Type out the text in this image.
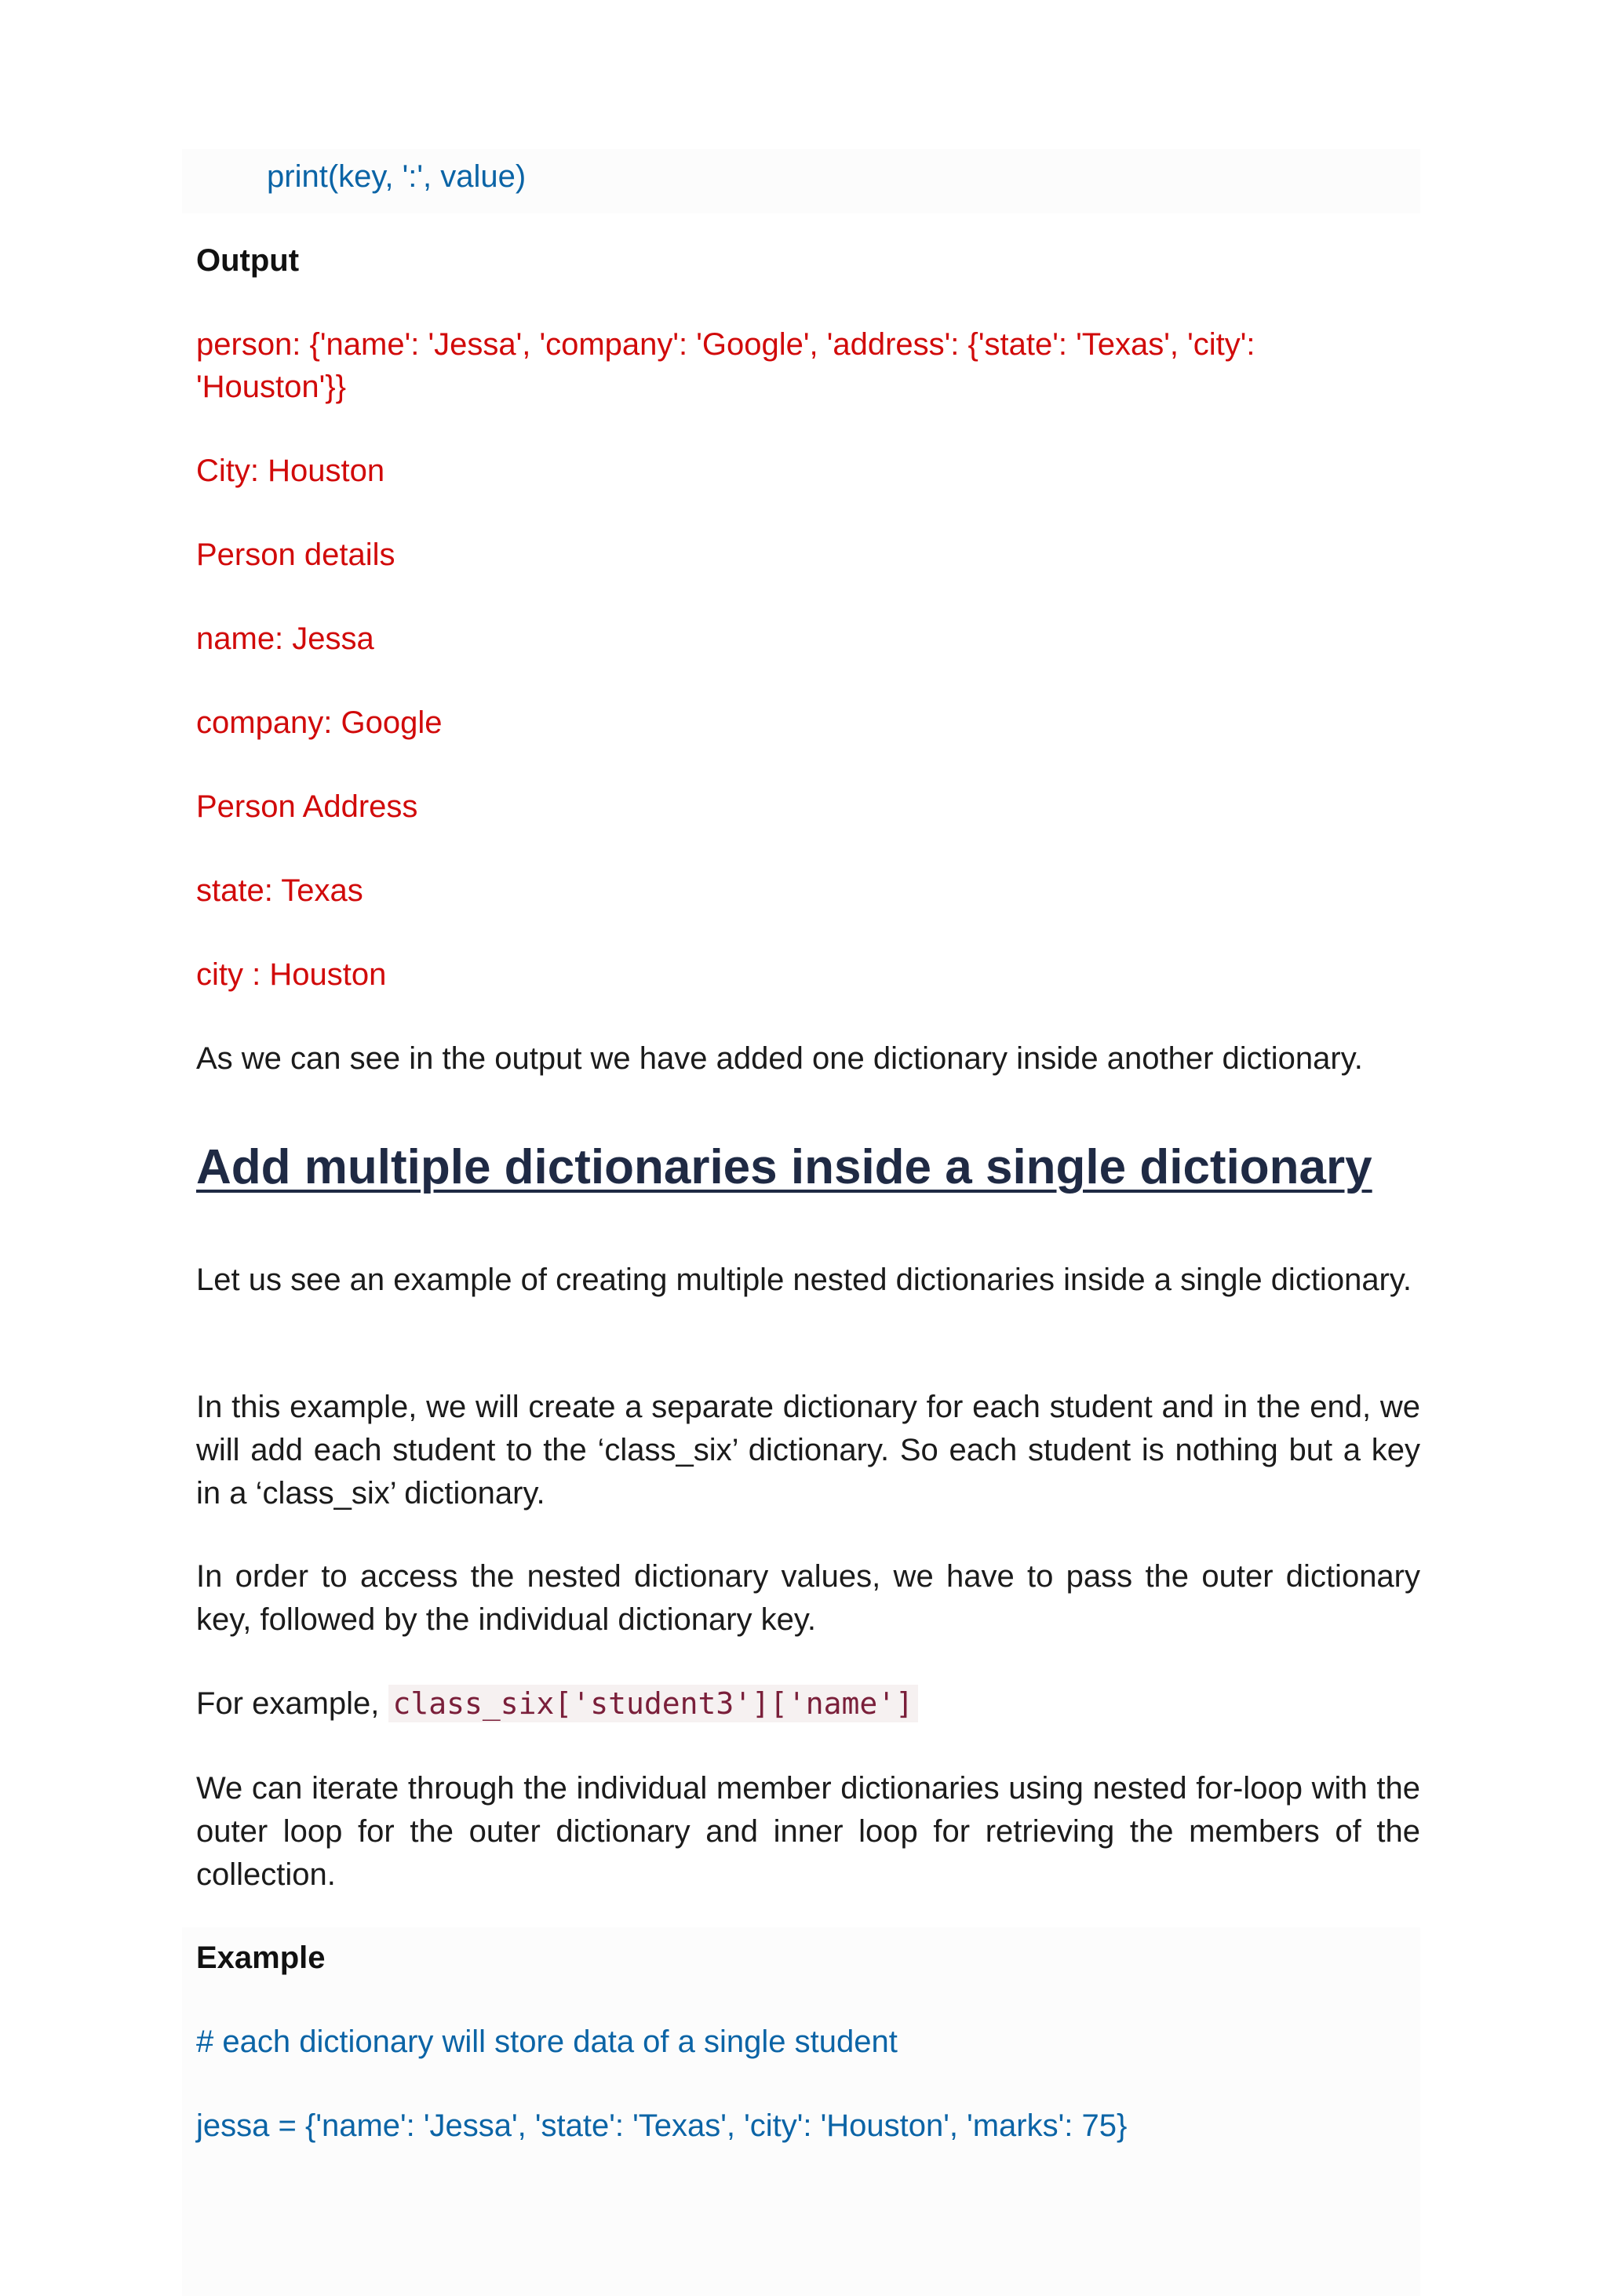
print(key, ':', value)
Output
person: {'name': 'Jessa', 'company': 'Google', 'address': {'state': 'Texas', 'city':
'Houston'}}
City: Houston
Person details
name: Jessa
company: Google
Person Address
state: Texas
city : Houston
As we can see in the output we have added one dictionary inside another dictionary.
Add multiple dictionaries inside a single dictionary
Let us see an example of creating multiple nested dictionaries inside a single dictionary.
In this example, we will create a separate dictionary for each student and in the end, we will add each student to the ‘class_six’ dictionary. So each student is nothing but a key in a ‘class_six’ dictionary.
In order to access the nested dictionary values, we have to pass the outer dictionary key, followed by the individual dictionary key.
For example, class_six['student3']['name']
We can iterate through the individual member dictionaries using nested for-loop with the outer loop for the outer dictionary and inner loop for retrieving the members of the collection.
Example
# each dictionary will store data of a single student
jessa = {'name': 'Jessa', 'state': 'Texas', 'city': 'Houston', 'marks': 75}
